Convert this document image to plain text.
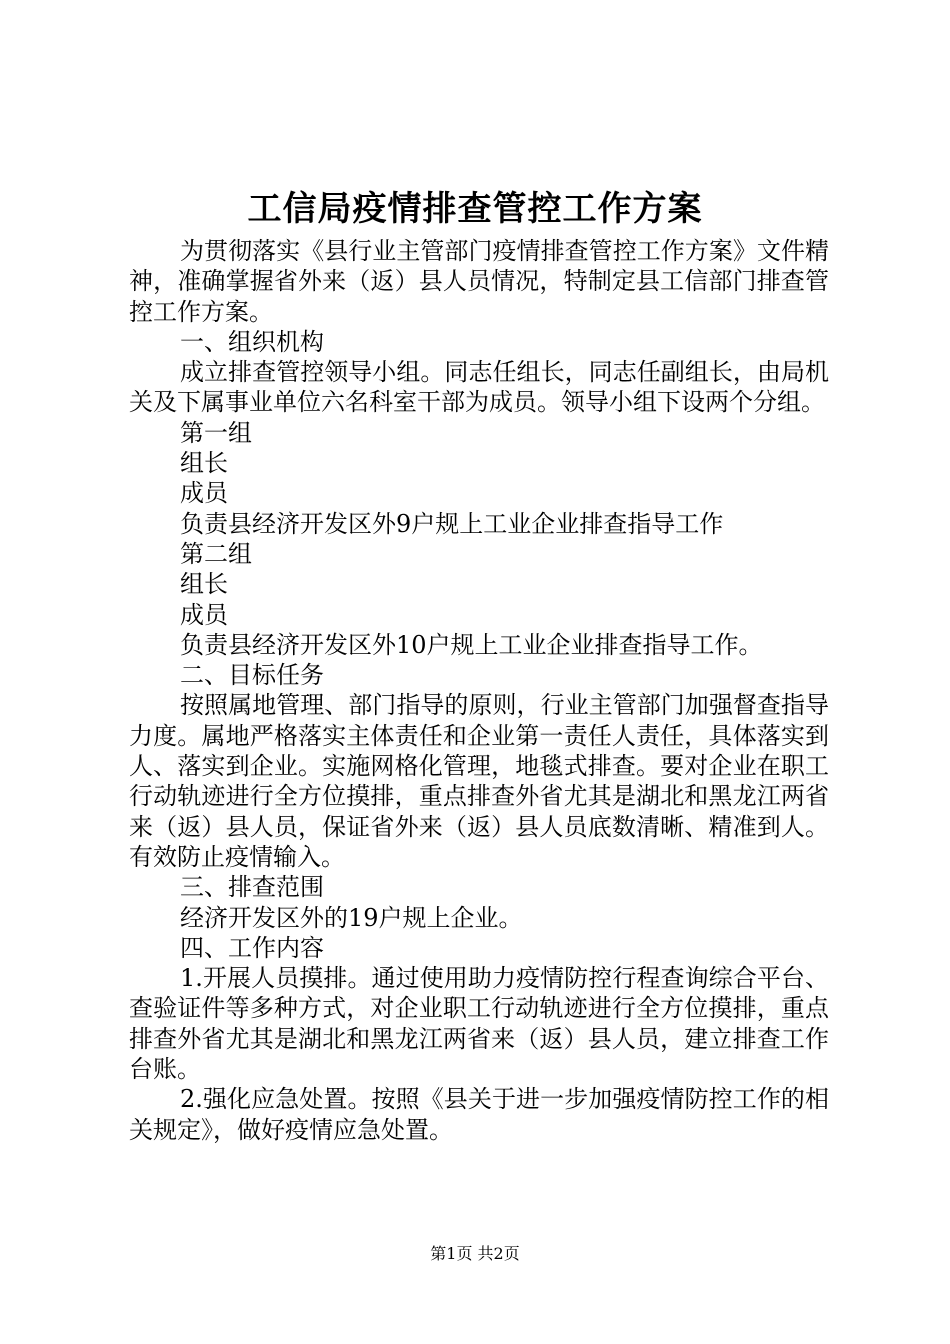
工信局疫情排查管控工作方案

为贯彻落实《县行业主管部门疫情排查管控工作方案》文件精神，准确掌握省外来（返）县人员情况，特制定县工信部门排查管控工作方案。

一、组织机构

成立排查管控领导小组。同志任组长，同志任副组长，由局机关及下属事业单位六名科室干部为成员。领导小组下设两个分组。

第一组

组长

成员

负责县经济开发区外9户规上工业企业排查指导工作

第二组

组长

成员

负责县经济开发区外10户规上工业企业排查指导工作。

二、目标任务

按照属地管理、部门指导的原则，行业主管部门加强督查指导力度。属地严格落实主体责任和企业第一责任人责任，具体落实到人、落实到企业。实施网格化管理，地毯式排查。要对企业在职工行动轨迹进行全方位摸排，重点排查外省尤其是湖北和黑龙江两省来（返）县人员，保证省外来（返）县人员底数清晰、精准到人。有效防止疫情输入。

三、排查范围

经济开发区外的19户规上企业。

四、工作内容

1.开展人员摸排。通过使用助力疫情防控行程查询综合平台、查验证件等多种方式，对企业职工行动轨迹进行全方位摸排，重点排查外省尤其是湖北和黑龙江两省来（返）县人员，建立排查工作台账。

2.强化应急处置。按照《县关于进一步加强疫情防控工作的相关规定》，做好疫情应急处置。

第1页 共2页
